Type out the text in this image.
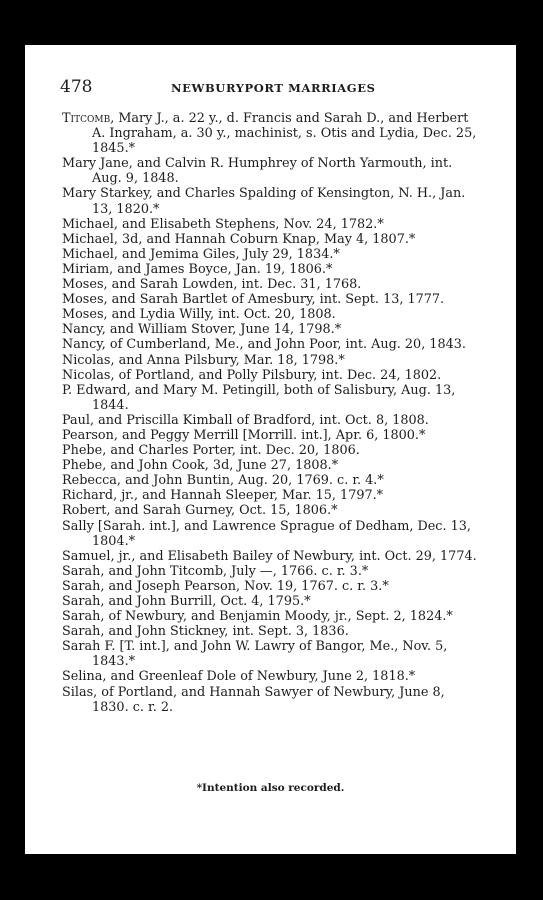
478	NEWBURYPORT MARRIAGES
Titcomb, Mary J., a. 22 y., d. Francis and Sarah D., and Herbert A. Ingraham, a. 30 y., machinist, s. Otis and Lydia, Dec. 25, 1845.*
Mary Jane, and Calvin R. Humphrey of North Yarmouth, int. Aug. 9, 1848.
Mary Starkey, and Charles Spalding of Kensington, N. H., Jan. 13, 1820.*
Michael, and Elisabeth Stephens, Nov. 24, 1782.*
Michael, 3d, and Hannah Coburn Knap, May 4, 1807.*
Michael, and Jemima Giles, July 29, 1834.*
Miriam, and James Boyce, Jan. 19, 1806.*
Moses, and Sarah Lowden, int. Dec. 31, 1768.
Moses, and Sarah Bartlet of Amesbury, int. Sept. 13, 1777.
Moses, and Lydia Willy, int. Oct. 20, 1808.
Nancy, and William Stover, June 14, 1798.*
Nancy, of Cumberland, Me., and John Poor, int. Aug. 20, 1843.
Nicolas, and Anna Pilsbury, Mar. 18, 1798.*
Nicolas, of Portland, and Polly Pilsbury, int. Dec. 24, 1802.
P. Edward, and Mary M. Petingill, both of Salisbury, Aug. 13, 1844.
Paul, and Priscilla Kimball of Bradford, int. Oct. 8, 1808.
Pearson, and Peggy Merrill [Morrill. int.], Apr. 6, 1800.*
Phebe, and Charles Porter, int. Dec. 20, 1806.
Phebe, and John Cook, 3d, June 27, 1808.*
Rebecca, and John Buntin, Aug. 20, 1769. c. r. 4.*
Richard, jr., and Hannah Sleeper, Mar. 15, 1797.*
Robert, and Sarah Gurney, Oct. 15, 1806.*
Sally [Sarah. int.], and Lawrence Sprague of Dedham, Dec. 13, 1804.*
Samuel, jr., and Elisabeth Bailey of Newbury, int. Oct. 29, 1774.
Sarah, and John Titcomb, July —, 1766. c. r. 3.*
Sarah, and Joseph Pearson, Nov. 19, 1767. c. r. 3.*
Sarah, and John Burrill, Oct. 4, 1795.*
Sarah, of Newbury, and Benjamin Moody, jr., Sept. 2, 1824.*
Sarah, and John Stickney, int. Sept. 3, 1836.
Sarah F. [T. int.], and John W. Lawry of Bangor, Me., Nov. 5, 1843.*
Selina, and Greenleaf Dole of Newbury, June 2, 1818.*
Silas, of Portland, and Hannah Sawyer of Newbury, June 8, 1830. c. r. 2.
*Intention also recorded.
